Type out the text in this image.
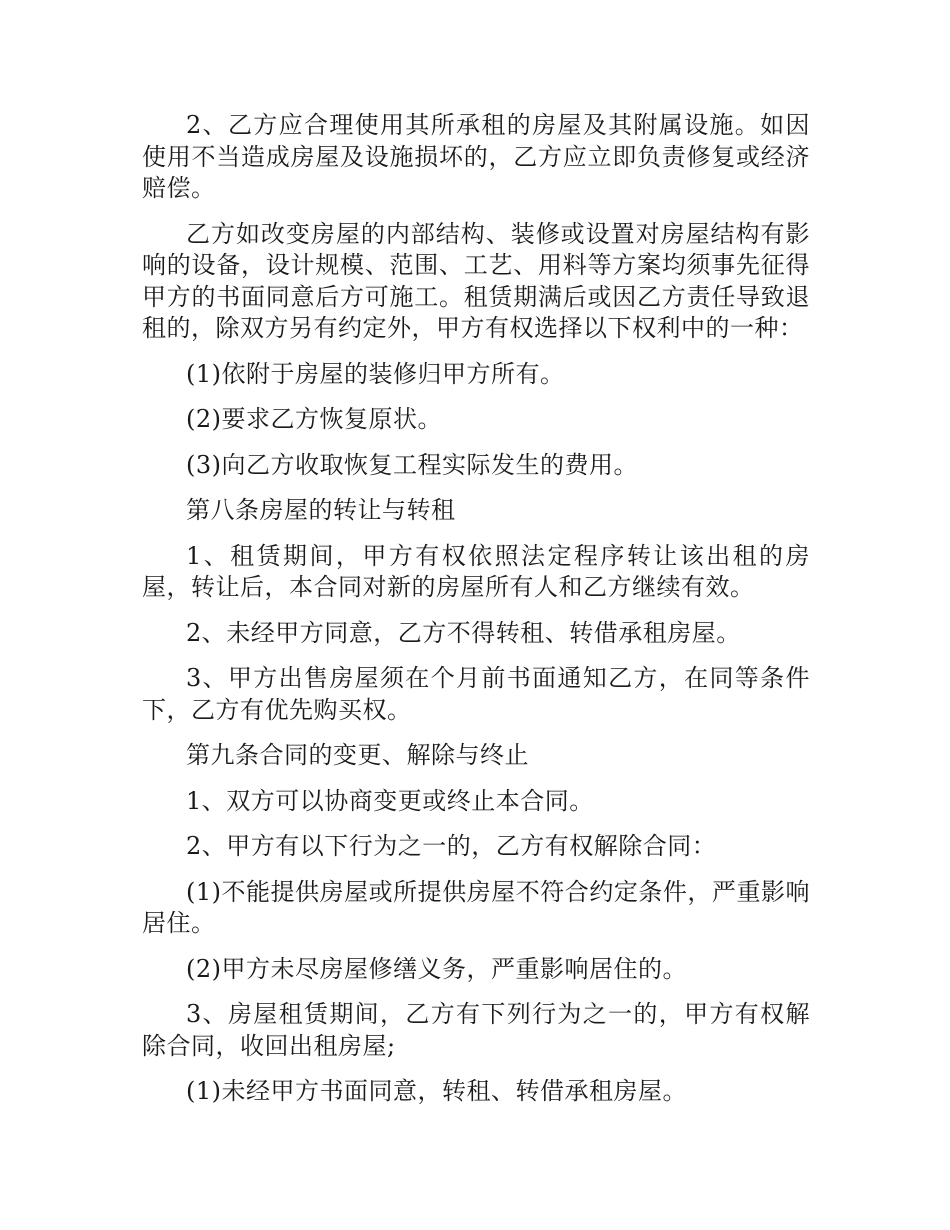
2、乙方应合理使用其所承租的房屋及其附属设施。如因使用不当造成房屋及设施损坏的，乙方应立即负责修复或经济赔偿。

乙方如改变房屋的内部结构、装修或设置对房屋结构有影响的设备，设计规模、范围、工艺、用料等方案均须事先征得甲方的书面同意后方可施工。租赁期满后或因乙方责任导致退租的，除双方另有约定外，甲方有权选择以下权利中的一种：

(1)依附于房屋的装修归甲方所有。

(2)要求乙方恢复原状。

(3)向乙方收取恢复工程实际发生的费用。

第八条房屋的转让与转租

1、租赁期间，甲方有权依照法定程序转让该出租的房屋，转让后，本合同对新的房屋所有人和乙方继续有效。

2、未经甲方同意，乙方不得转租、转借承租房屋。

3、甲方出售房屋须在个月前书面通知乙方，在同等条件下，乙方有优先购买权。

第九条合同的变更、解除与终止

1、双方可以协商变更或终止本合同。

2、甲方有以下行为之一的，乙方有权解除合同：

(1)不能提供房屋或所提供房屋不符合约定条件，严重影响居住。

(2)甲方未尽房屋修缮义务，严重影响居住的。

3、房屋租赁期间，乙方有下列行为之一的，甲方有权解除合同，收回出租房屋;

(1)未经甲方书面同意，转租、转借承租房屋。
